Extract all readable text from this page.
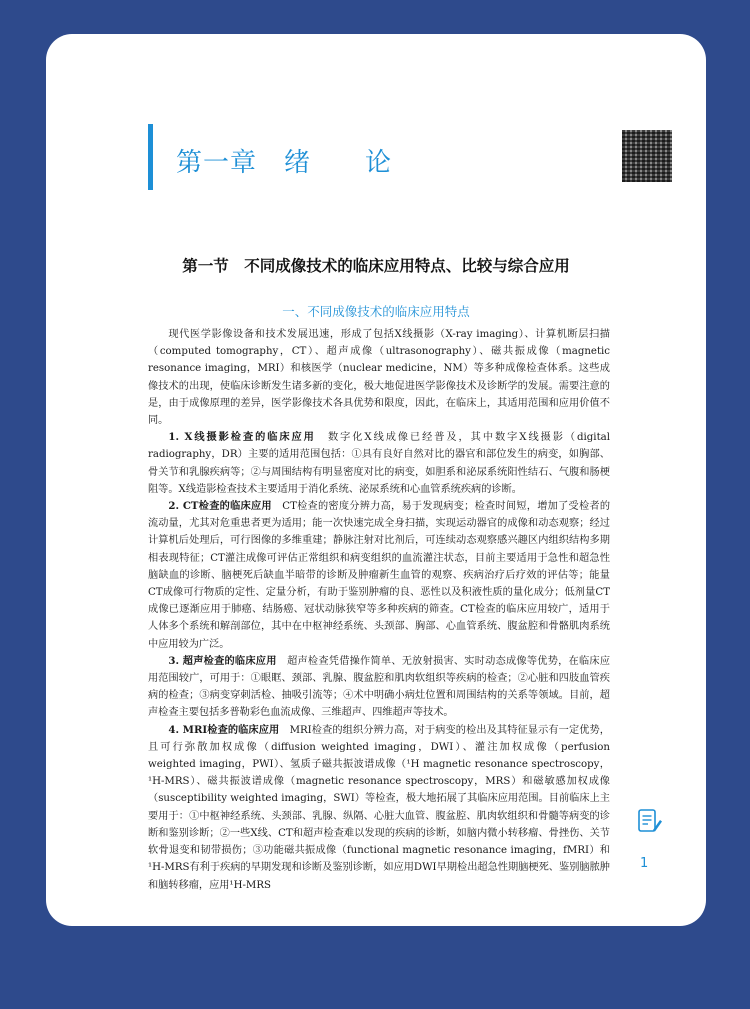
第一章　绪　　论
第一节　不同成像技术的临床应用特点、比较与综合应用
一、不同成像技术的临床应用特点

现代医学影像设备和技术发展迅速，形成了包括X线摄影（X-ray imaging）、计算机断层扫描（computed tomography，CT）、超声成像（ultrasonography）、磁共振成像（magnetic resonance imaging，MRI）和核医学（nuclear medicine，NM）等多种成像检查体系。这些成像技术的出现，使临床诊断发生诸多新的变化，极大地促进医学影像技术及诊断学的发展。需要注意的是，由于成像原理的差异，医学影像技术各具优势和限度，因此，在临床上，其适用范围和应用价值不同。

1. X线摄影检查的临床应用　 数字化X线成像已经普及，其中数字X线摄影（digital radiography，DR）主要的适用范围包括：①具有良好自然对比的器官和部位发生的病变，如胸部、骨关节和乳腺疾病等；②与周围结构有明显密度对比的病变，如胆系和泌尿系统阳性结石、气腹和肠梗阻等。X线造影检查技术主要适用于消化系统、泌尿系统和心血管系统疾病的诊断。

2. CT检查的临床应用　 CT检查的密度分辨力高，易于发现病变；检查时间短，增加了受检者的流动量，尤其对危重患者更为适用；能一次快速完成全身扫描，实现运动器官的成像和动态观察；经过计算机后处理后，可行图像的多维重建；静脉注射对比剂后，可连续动态观察感兴趣区内组织结构多期相表现特征；CT灌注成像可评估正常组织和病变组织的血流灌注状态，目前主要适用于急性和超急性脑缺血的诊断、脑梗死后缺血半暗带的诊断及肿瘤新生血管的观察、疾病治疗后疗效的评估等；能量CT成像可行物质的定性、定量分析，有助于鉴别肿瘤的良、恶性以及积液性质的量化成分；低剂量CT成像已逐渐应用于肺癌、结肠癌、冠状动脉狭窄等多种疾病的筛查。CT检查的临床应用较广，适用于人体多个系统和解剖部位，其中在中枢神经系统、头颈部、胸部、心血管系统、腹盆腔和骨骼肌肉系统中应用较为广泛。

3. 超声检查的临床应用　 超声检查凭借操作简单、无放射损害、实时动态成像等优势，在临床应用范围较广，可用于：①眼眶、颈部、乳腺、腹盆腔和肌肉软组织等疾病的检查；②心脏和四肢血管疾病的检查；③病变穿刺活检、抽吸引流等；④术中明确小病灶位置和周围结构的关系等领域。目前，超声检查主要包括多普勒彩色血流成像、三维超声、四维超声等技术。

4. MRI检查的临床应用　 MRI检查的组织分辨力高，对于病变的检出及其特征显示有一定优势，且可行弥散加权成像（diffusion weighted imaging，DWI）、灌注加权成像（perfusion weighted imaging，PWI）、氢质子磁共振波谱成像（¹H magnetic resonance spectroscopy，¹H-MRS）、磁共振波谱成像（magnetic resonance spectroscopy，MRS）和磁敏感加权成像（susceptibility weighted imaging，SWI）等检查，极大地拓展了其临床应用范围。目前临床上主要用于：①中枢神经系统、头颈部、乳腺、纵隔、心脏大血管、腹盆腔、肌肉软组织和骨髓等病变的诊断和鉴别诊断；②一些X线、CT和超声检查难以发现的疾病的诊断，如脑内微小转移瘤、骨挫伤、关节软骨退变和韧带损伤；③功能磁共振成像（functional magnetic resonance imaging，fMRI）和¹H-MRS有利于疾病的早期发现和诊断及鉴别诊断，如应用DWI早期检出超急性期脑梗死、鉴别脑脓肿和脑转移瘤，应用¹H-MRS

1
